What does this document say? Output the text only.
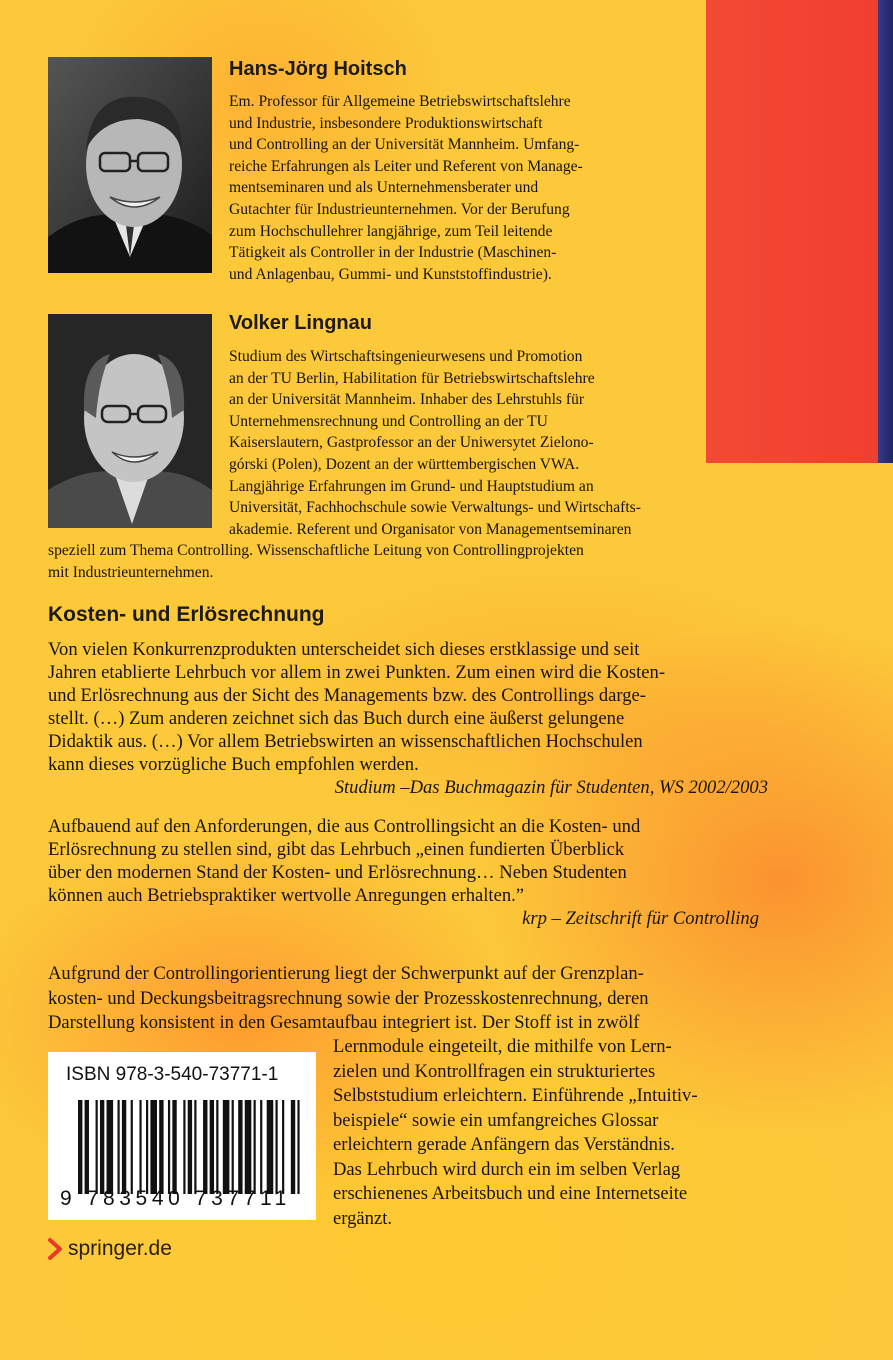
Hans-Jörg Hoitsch

Em. Professor für Allgemeine Betriebswirtschaftslehre
und Industrie, insbesondere Produktionswirtschaft
und Controlling an der Universität Mannheim. Umfang-
reiche Erfahrungen als Leiter und Referent von Manage-
mentseminaren und als Unternehmensberater und
Gutachter für Industrieunternehmen. Vor der Berufung
zum Hochschullehrer langjährige, zum Teil leitende
Tätigkeit als Controller in der Industrie (Maschinen-
und Anlagenbau, Gummi- und Kunststoffindustrie).

Volker Lingnau

Studium des Wirtschaftsingenieurwesens und Promotion
an der TU Berlin, Habilitation für Betriebswirtschaftslehre
an der Universität Mannheim. Inhaber des Lehrstuhls für
Unternehmensrechnung und Controlling an der TU
Kaiserslautern, Gastprofessor an der Uniwersytet Zielono-
górski (Polen), Dozent an der württembergischen VWA.
Langjährige Erfahrungen im Grund- und Hauptstudium an
Universität, Fachhochschule sowie Verwaltungs- und Wirtschafts-
akademie. Referent und Organisator von Managementseminaren

speziell zum Thema Controlling. Wissenschaftliche Leitung von Controllingprojekten
mit Industrieunternehmen.

Kosten- und Erlösrechnung
Von vielen Konkurrenzprodukten unterscheidet sich dieses erstklassige und seit
Jahren etablierte Lehrbuch vor allem in zwei Punkten. Zum einen wird die Kosten-
und Erlösrechnung aus der Sicht des Managements bzw. des Controllings darge-
stellt. (…) Zum anderen zeichnet sich das Buch durch eine äußerst gelungene
Didaktik aus. (…) Vor allem Betriebswirten an wissenschaftlichen Hochschulen
kann dieses vorzügliche Buch empfohlen werden.
Studium –Das Buchmagazin für Studenten, WS 2002/2003
Aufbauend auf den Anforderungen, die aus Controllingsicht an die Kosten- und
Erlösrechnung zu stellen sind, gibt das Lehrbuch „einen fundierten Überblick
über den modernen Stand der Kosten- und Erlösrechnung… Neben Studenten
können auch Betriebspraktiker wertvolle Anregungen erhalten.”
krp – Zeitschrift für Controlling

Aufgrund der Controllingorientierung liegt der Schwerpunkt auf der Grenzplan-
kosten- und Deckungsbeitragsrechnung sowie der Prozesskostenrechnung, deren
Darstellung konsistent in den Gesamtaufbau integriert ist. Der Stoff ist in zwölf

Lernmodule eingeteilt, die mithilfe von Lern-
zielen und Kontrollfragen ein strukturiertes
Selbststudium erleichtern. Einführende „Intuitiv-
beispiele“ sowie ein umfangreiches Glossar
erleichtern gerade Anfängern das Verständnis.
Das Lehrbuch wird durch ein im selben Verlag
erschienenes Arbeitsbuch und eine Internetseite
ergänzt.

ISBN 978-3-540-73771-1

9 783540 737711

springer.de
